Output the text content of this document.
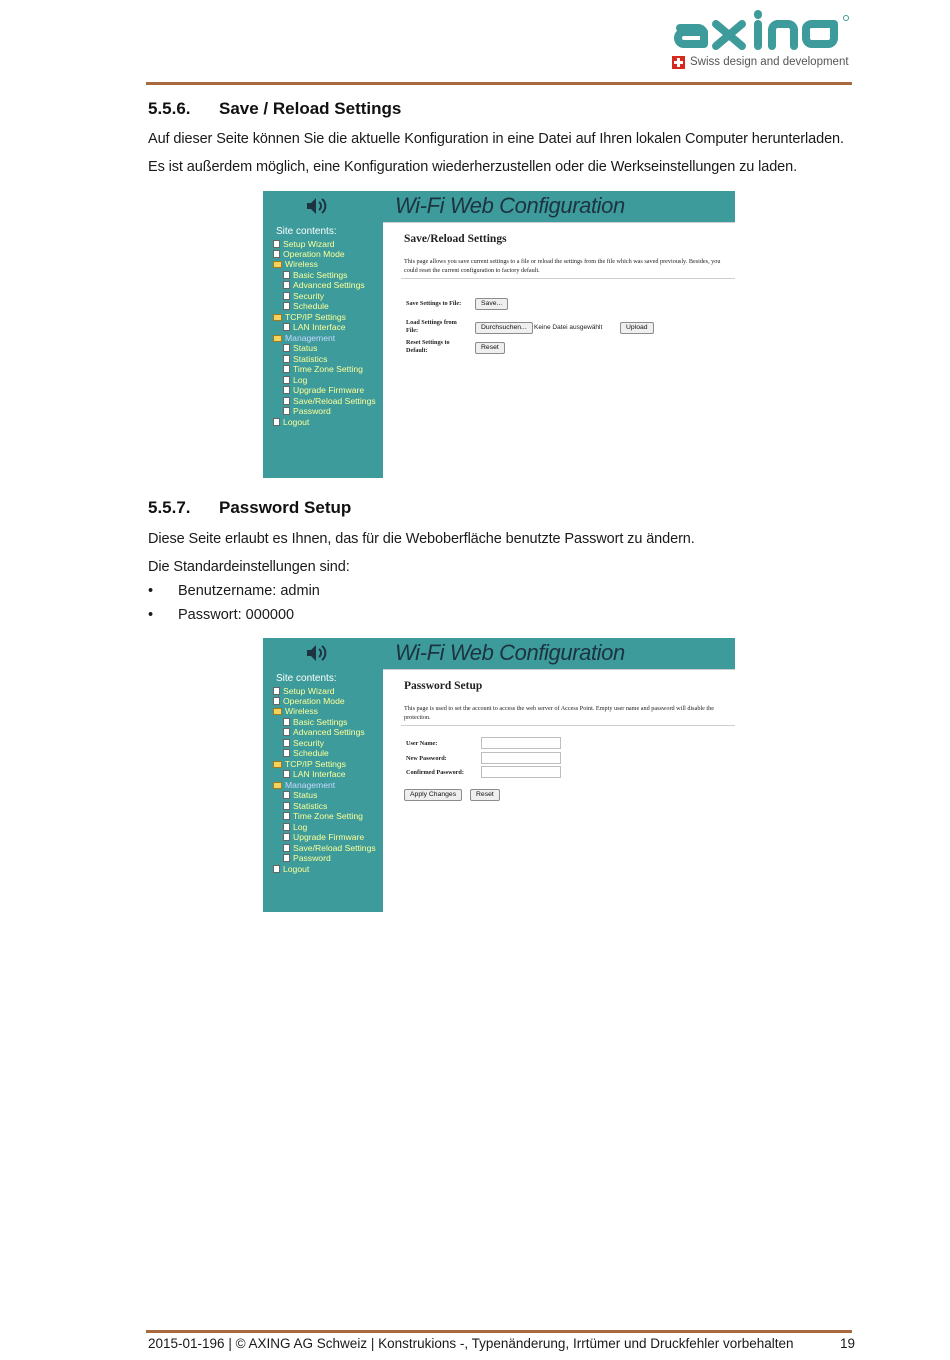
Swiss design and development
5.5.6. Save / Reload Settings
Auf dieser Seite können Sie die aktuelle Konfiguration in eine Datei auf Ihren lokalen Computer herunterladen.
Es ist außerdem möglich, eine Konfiguration wiederherzustellen oder die Werkseinstellungen zu laden.
Wi-Fi Web Configuration
Site contents:
Setup Wizard
Operation Mode
Wireless
Basic Settings
Advanced Settings
Security
Schedule
TCP/IP Settings
LAN Interface
Management
Status
Statistics
Time Zone Setting
Log
Upgrade Firmware
Save/Reload Settings
Password
Logout
Save/Reload Settings
This page allows you save current settings to a file or reload the settings from the file which was saved previously. Besides, you could reset the current configuration to factory default.
Save Settings to File:	Save...
Load Settings from File:	Durchsuchen...	Keine Datei ausgewählt	Upload
Reset Settings to Default:	Reset
5.5.7. Password Setup
Diese Seite erlaubt es Ihnen, das für die Weboberfläche benutzte Passwort zu ändern.
Die Standardeinstellungen sind:
• Benutzername: admin
• Passwort: 000000
Wi-Fi Web Configuration
Site contents:
Setup Wizard
Operation Mode
Wireless
Basic Settings
Advanced Settings
Security
Schedule
TCP/IP Settings
LAN Interface
Management
Status
Statistics
Time Zone Setting
Log
Upgrade Firmware
Save/Reload Settings
Password
Logout
Password Setup
This page is used to set the account to access the web server of Access Point. Empty user name and password will disable the protection.
User Name:
New Password:
Confirmed Password:
Apply Changes	Reset
2015-01-196 | © AXING AG Schweiz | Konstrukions -, Typenänderung, Irrtümer und Druckfehler vorbehalten	19
